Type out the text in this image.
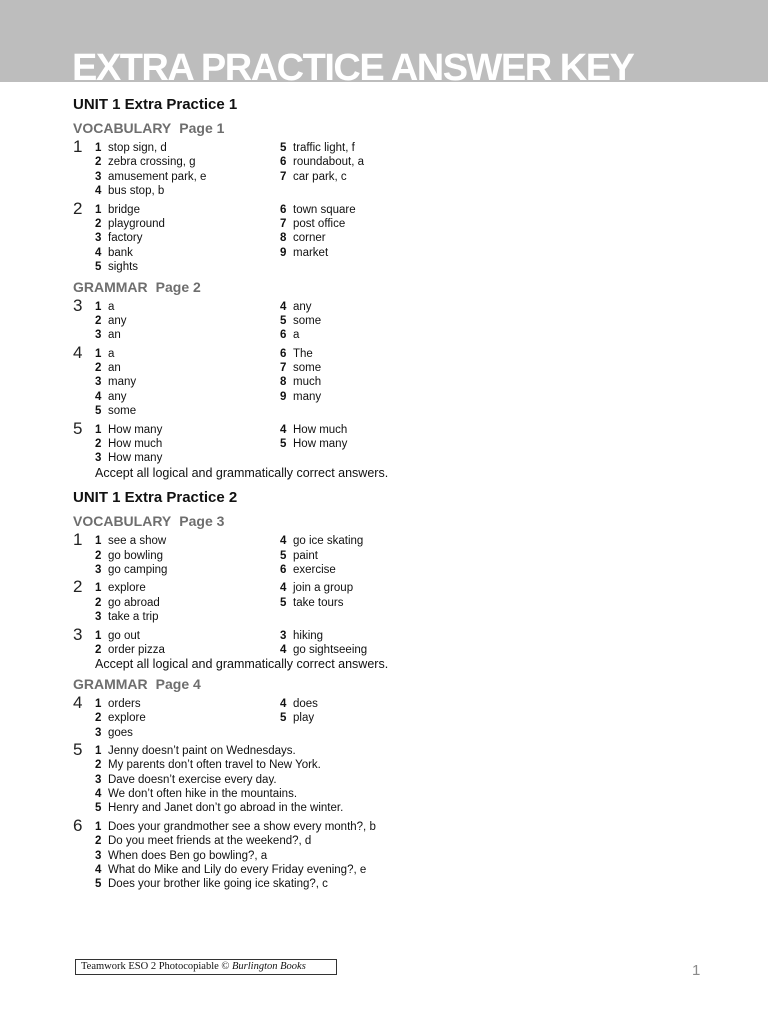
EXTRA PRACTICE ANSWER KEY
UNIT 1 Extra Practice 1
VOCABULARY Page 1
1 1 stop sign, d
2 zebra crossing, g
3 amusement park, e
4 bus stop, b
5 traffic light, f
6 roundabout, a
7 car park, c
2 1 bridge
2 playground
3 factory
4 bank
5 sights
6 town square
7 post office
8 corner
9 market
GRAMMAR Page 2
3 1 a
2 any
3 an
4 any
5 some
6 a
4 1 a
2 an
3 many
4 any
5 some
6 The
7 some
8 much
9 many
5 1 How many
2 How much
3 How many
4 How much
5 How many
Accept all logical and grammatically correct answers.
UNIT 1 Extra Practice 2
VOCABULARY Page 3
1 1 see a show
2 go bowling
3 go camping
4 go ice skating
5 paint
6 exercise
2 1 explore
2 go abroad
3 take a trip
4 join a group
5 take tours
3 1 go out
2 order pizza
3 hiking
4 go sightseeing
Accept all logical and grammatically correct answers.
GRAMMAR Page 4
4 1 orders
2 explore
3 goes
4 does
5 play
5 1 Jenny doesn’t paint on Wednesdays.
2 My parents don’t often travel to New York.
3 Dave doesn’t exercise every day.
4 We don’t often hike in the mountains.
5 Henry and Janet don’t go abroad in the winter.
6 1 Does your grandmother see a show every month?, b
2 Do you meet friends at the weekend?, d
3 When does Ben go bowling?, a
4 What do Mike and Lily do every Friday evening?, e
5 Does your brother like going ice skating?, c
Teamwork ESO 2 Photocopiable © Burlington Books	1
